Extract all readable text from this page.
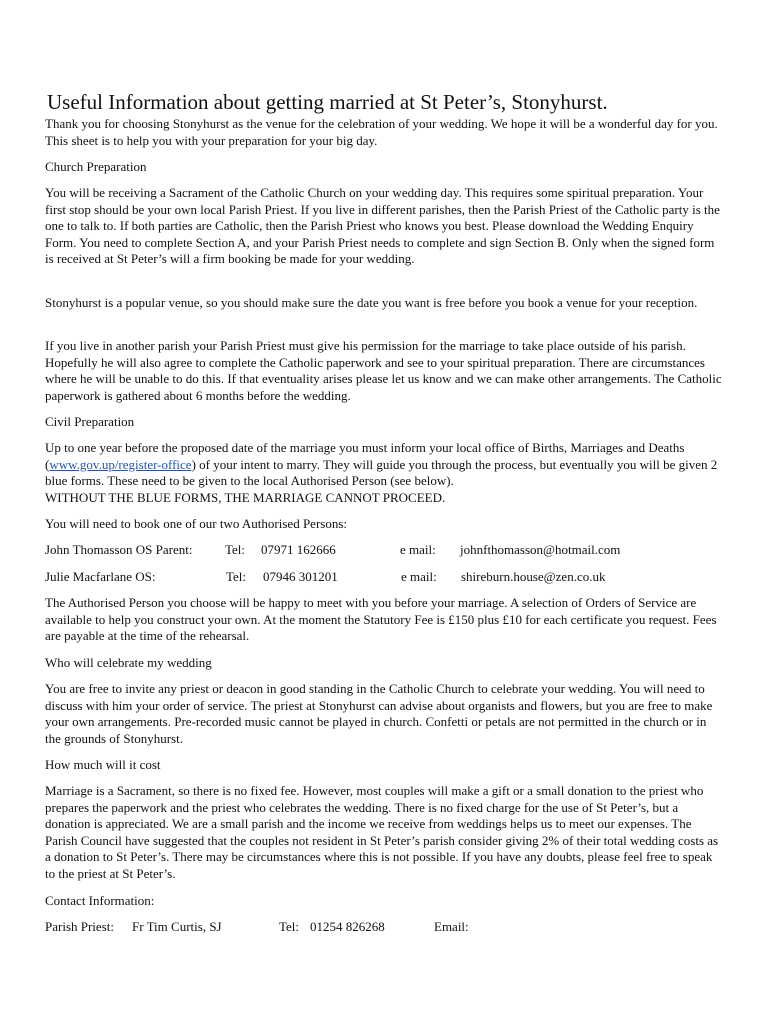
Useful Information about getting married at St Peter’s, Stonyhurst.
Thank you for choosing Stonyhurst as the venue for the celebration of your wedding. We hope it will be a wonderful day for you. This sheet is to help you with your preparation for your big day.
Church Preparation
You will be receiving a Sacrament of the Catholic Church on your wedding day. This requires some spiritual preparation. Your first stop should be your own local Parish Priest. If you live in different parishes, then the Parish Priest of the Catholic party is the one to talk to. If both parties are Catholic, then the Parish Priest who knows you best. Please download the Wedding Enquiry Form. You need to complete Section A, and your Parish Priest needs to complete and sign Section B. Only when the signed form is received at St Peter’s will a firm booking be made for your wedding.
Stonyhurst is a popular venue, so you should make sure the date you want is free before you book a venue for your reception.
If you live in another parish your Parish Priest must give his permission for the marriage to take place outside of his parish. Hopefully he will also agree to complete the Catholic paperwork and see to your spiritual preparation. There are circumstances where he will be unable to do this. If that eventuality arises please let us know and we can make other arrangements. The Catholic paperwork is gathered about 6 months before the wedding.
Civil Preparation
Up to one year before the proposed date of the marriage you must inform your local office of Births, Marriages and Deaths (www.gov.up/register-office) of your intent to marry. They will guide you through the process, but eventually you will be given 2 blue forms. These need to be given to the local Authorised Person (see below).
WITHOUT THE BLUE FORMS, THE MARRIAGE CANNOT PROCEED.
You will need to book one of our two Authorised Persons:
John Thomasson OS Parent:	Tel: 07971 162666	e mail: johnfthomasson@hotmail.com
Julie Macfarlane OS:	Tel: 07946 301201	e mail: shireburn.house@zen.co.uk
The Authorised Person you choose will be happy to meet with you before your marriage. A selection of Orders of Service are available to help you construct your own. At the moment the Statutory Fee is £150 plus £10 for each certificate you request. Fees are payable at the time of the rehearsal.
Who will celebrate my wedding
You are free to invite any priest or deacon in good standing in the Catholic Church to celebrate your wedding. You will need to discuss with him your order of service. The priest at Stonyhurst can advise about organists and flowers, but you are free to make your own arrangements. Pre-recorded music cannot be played in church. Confetti or petals are not permitted in the church or in the grounds of Stonyhurst.
How much will it cost
Marriage is a Sacrament, so there is no fixed fee. However, most couples will make a gift or a small donation to the priest who prepares the paperwork and the priest who celebrates the wedding. There is no fixed charge for the use of St Peter’s, but a donation is appreciated. We are a small parish and the income we receive from weddings helps us to meet our expenses. The Parish Council have suggested that the couples not resident in St Peter’s parish consider giving 2% of their total wedding costs as a donation to St Peter’s. There may be circumstances where this is not possible. If you have any doubts, please feel free to speak to the priest at St Peter’s.
Contact Information:
Parish Priest: Fr Tim Curtis, SJ	Tel: 01254 826268	Email:
